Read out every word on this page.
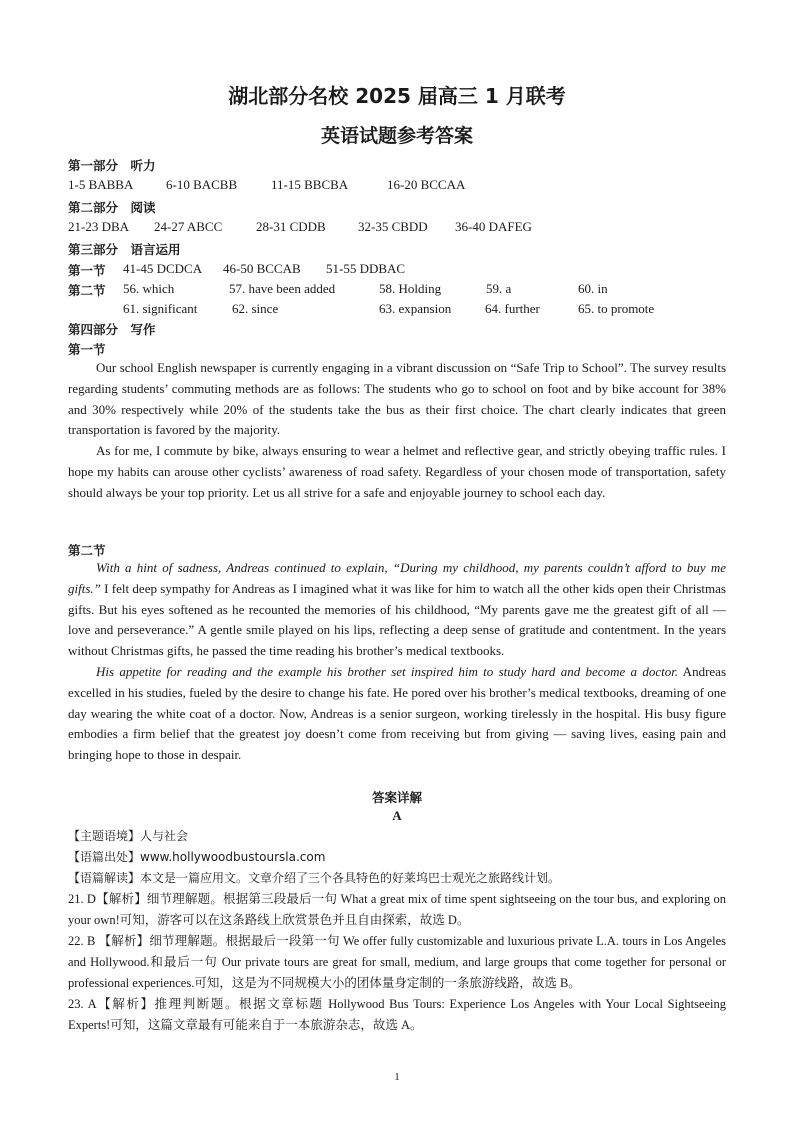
湖北部分名校 2025 届高三 1 月联考
英语试题参考答案
第一部分　听力
1-5 BABBA	6-10 BACBB	11-15 BBCBA	16-20 BCCAA
第二部分　阅读
21-23 DBA 24-27 ABCC	28-31 CDDB 32-35 CBDD 36-40 DAFEG
第三部分　语言运用
第一节 41-45 DCDCA 46-50 BCCAB 51-55 DDBAC
第二节 56. which	57. have been added	58. Holding	59. a	60. in
61. significant	62. since	63. expansion	64. further	65. to promote
第四部分　写作
第一节

Our school English newspaper is currently engaging in a vibrant discussion on “Safe Trip to School”. The survey results regarding students’ commuting methods are as follows: The students who go to school on foot and by bike account for 38% and 30% respectively while 20% of the students take the bus as their first choice. The chart clearly indicates that green transportation is favored by the majority.

As for me, I commute by bike, always ensuring to wear a helmet and reflective gear, and strictly obeying traffic rules. I hope my habits can arouse other cyclists’ awareness of road safety. Regardless of your chosen mode of transportation, safety should always be your top priority. Let us all strive for a safe and enjoyable journey to school each day.

第二节

With a hint of sadness, Andreas continued to explain, “During my childhood, my parents couldn’t afford to buy me gifts.” I felt deep sympathy for Andreas as I imagined what it was like for him to watch all the other kids open their Christmas gifts. But his eyes softened as he recounted the memories of his childhood, “My parents gave me the greatest gift of all — love and perseverance.” A gentle smile played on his lips, reflecting a deep sense of gratitude and contentment. In the years without Christmas gifts, he passed the time reading his brother’s medical textbooks.

His appetite for reading and the example his brother set inspired him to study hard and become a doctor. Andreas excelled in his studies, fueled by the desire to change his fate. He pored over his brother’s medical textbooks, dreaming of one day wearing the white coat of a doctor. Now, Andreas is a senior surgeon, working tirelessly in the hospital. His busy figure embodies a firm belief that the greatest joy doesn’t come from receiving but from giving — saving lives, easing pain and bringing hope to those in despair.

答案详解
A

【主题语境】人与社会

【语篇出处】www.hollywoodbustoursla.com

【语篇解读】本文是一篇应用文。文章介绍了三个各具特色的好莱坞巴士观光之旅路线计划。

21. D【解析】细节理解题。根据第三段最后一句 What a great mix of time spent sightseeing on the tour bus, and exploring on your own!可知，游客可以在这条路线上欣赏景色并且自由探索，故选 D。

22. B 【解析】细节理解题。根据最后一段第一句 We offer fully customizable and luxurious private L.A. tours in Los Angeles and Hollywood.和最后一句 Our private tours are great for small, medium, and large groups that come together for personal or professional experiences.可知，这是为不同规模大小的团体量身定制的一条旅游线路，故选 B。

23. A【解析】推理判断题。根据文章标题 Hollywood Bus Tours: Experience Los Angeles with Your Local Sightseeing Experts!可知，这篇文章最有可能来自于一本旅游杂志，故选 A。

1
